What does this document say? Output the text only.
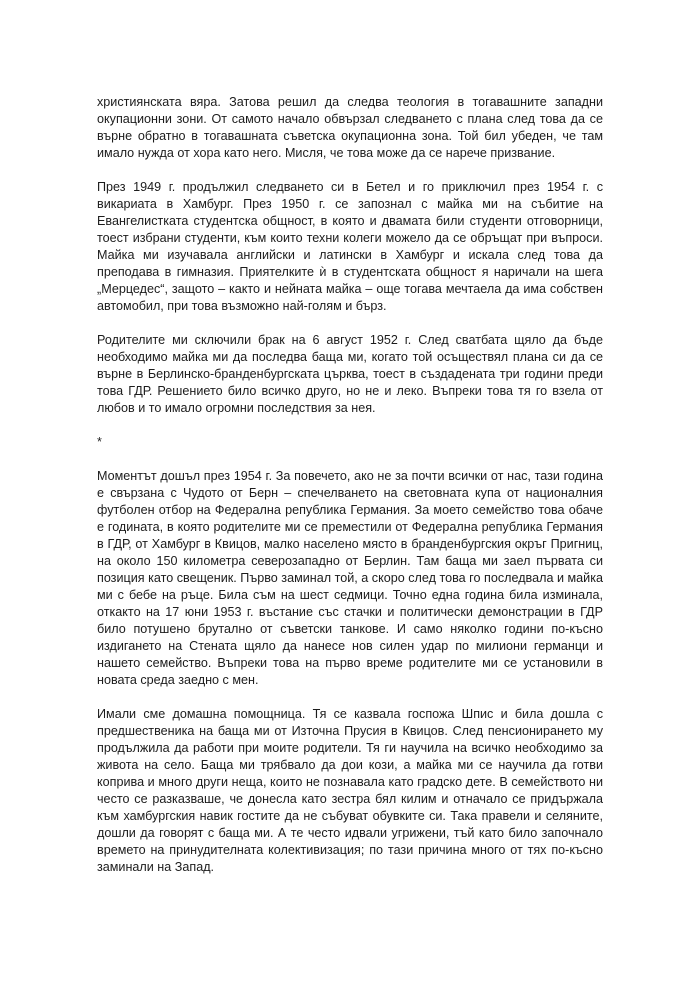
християнската вяра. Затова решил да следва теология в тогавашните западни окупационни зони. От самото начало обвързал следването с плана след това да се върне обратно в тогавашната съветска окупационна зона. Той бил убеден, че там имало нужда от хора като него. Мисля, че това може да се нарече призвание.

През 1949 г. продължил следването си в Бетел и го приключил през 1954 г. с викариата в Хамбург. През 1950 г. се запознал с майка ми на събитие на Евангелистката студентска общност, в която и двамата били студенти отговорници, тоест избрани студенти, към които техни колеги можело да се обръщат при въпроси. Майка ми изучавала английски и латински в Хамбург и искала след това да преподава в гимназия. Приятелките ѝ в студентската общност я наричали на шега „Мерцедес“, защото – както и нейната майка – още тогава мечтаела да има собствен автомобил, при това възможно най-голям и бърз.

Родителите ми сключили брак на 6 август 1952 г. След сватбата щяло да бъде необходимо майка ми да последва баща ми, когато той осъществял плана си да се върне в Берлинско-бранденбургската църква, тоест в създадената три години преди това ГДР. Решението било всичко друго, но не и леко. Въпреки това тя го взела от любов и то имало огромни последствия за нея.

*

Моментът дошъл през 1954 г. За повечето, ако не за почти всички от нас, тази година е свързана с Чудото от Берн – спечелването на световната купа от националния футболен отбор на Федерална република Германия. За моето семейство това обаче е годината, в която родителите ми се преместили от Федерална република Германия в ГДР, от Хамбург в Квицов, малко населено място в бранденбургския окръг Пригниц, на около 150 километра северозападно от Берлин. Там баща ми заел първата си позиция като свещеник. Първо заминал той, а скоро след това го последвала и майка ми с бебе на ръце. Била съм на шест седмици. Точно една година била изминала, откакто на 17 юни 1953 г. въстание със стачки и политически демонстрации в ГДР било потушено брутално от съветски танкове. И само няколко години по-късно издигането на Стената щяло да нанесе нов силен удар по милиони германци и нашето семейство. Въпреки това на първо време родителите ми се установили в новата среда заедно с мен.

Имали сме домашна помощница. Тя се казвала госпожа Шпис и била дошла с предшественика на баща ми от Източна Прусия в Квицов. След пенсионирането му продължила да работи при моите родители. Тя ги научила на всичко необходимо за живота на село. Баща ми трябвало да дои кози, а майка ми се научила да готви коприва и много други неща, които не познавала като градско дете. В семейството ни често се разказваше, че донесла като зестра бял килим и отначало се придържала към хамбургския навик гостите да не събуват обувките си. Така правели и селяните, дошли да говорят с баща ми. А те често идвали угрижени, тъй като било започнало времето на принудителната колективизация; по тази причина много от тях по-късно заминали на Запад.
